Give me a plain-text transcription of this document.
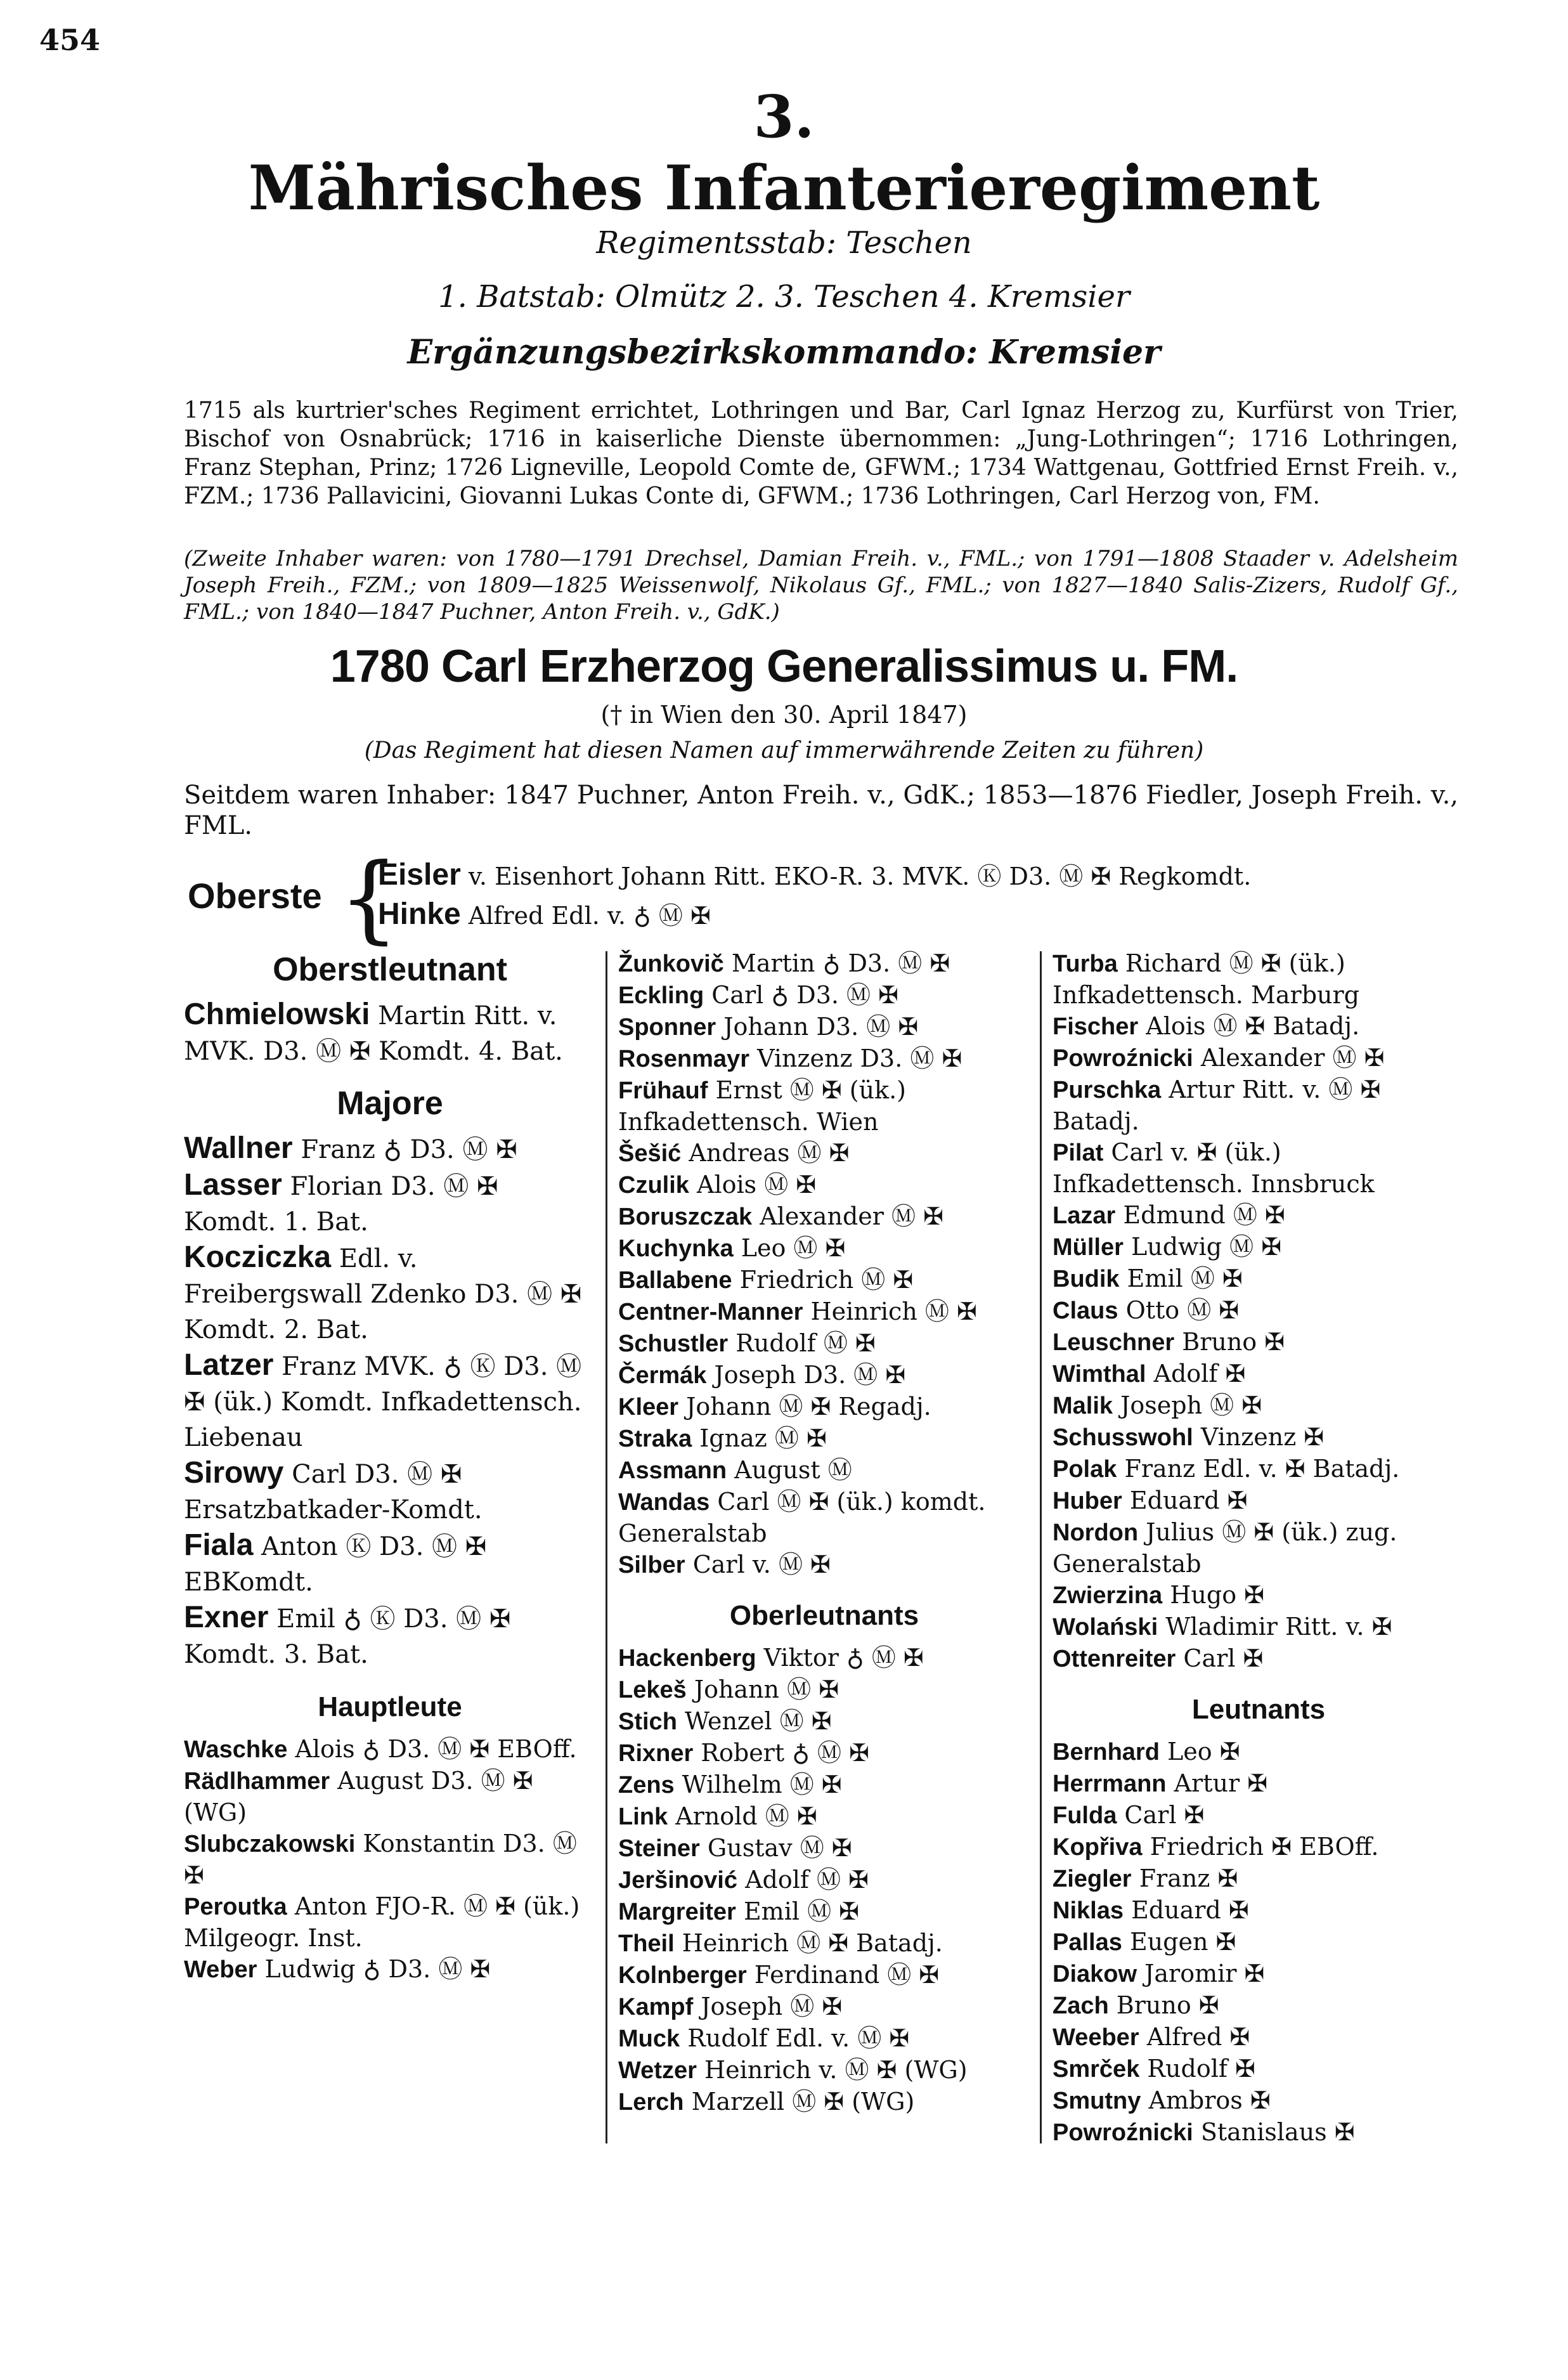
454
3.
Mährisches Infanterieregiment
Regimentsstab: Teschen
1. Batstab: Olmütz 2. 3. Teschen 4. Kremsier
Ergänzungsbezirkskommando: Kremsier
1715 als kurtrier'sches Regiment errichtet, Lothringen und Bar, Carl Ignaz Herzog zu, Kurfürst von Trier, Bischof von Osnabrück; 1716 in kaiserliche Dienste übernommen: „Jung-Lothringen“; 1716 Lothringen, Franz Stephan, Prinz; 1726 Ligneville, Leopold Comte de, GFWM.; 1734 Wattgenau, Gottfried Ernst Freih. v., FZM.; 1736 Pallavicini, Giovanni Lukas Conte di, GFWM.; 1736 Lothringen, Carl Herzog von, FM.
(Zweite Inhaber waren: von 1780—1791 Drechsel, Damian Freih. v., FML.; von 1791—1808 Staader v. Adelsheim Joseph Freih., FZM.; von 1809—1825 Weissenwolf, Nikolaus Gf., FML.; von 1827—1840 Salis-Zizers, Rudolf Gf., FML.; von 1840—1847 Puchner, Anton Freih. v., GdK.)
1780 Carl Erzherzog Generalissimus u. FM.
(† in Wien den 30. April 1847)
(Das Regiment hat diesen Namen auf immerwährende Zeiten zu führen)
Seitdem waren Inhaber: 1847 Puchner, Anton Freih. v., GdK.; 1853—1876 Fiedler, Joseph Freih. v., FML.
Oberste {
Eisler v. Eisenhort Johann Ritt. EKO-R. 3. MVK. Ⓚ D3. Ⓜ ✠ Regkomdt.
Hinke Alfred Edl. v. ♁ Ⓜ ✠
Oberstleutnant

Chmielowski Martin Ritt. v. MVK. D3. Ⓜ ✠ Komdt. 4. Bat.

Majore

Wallner Franz ♁ D3. Ⓜ ✠

Lasser Florian D3. Ⓜ ✠ Komdt. 1. Bat.

Kocziczka Edl. v. Freibergswall Zdenko D3. Ⓜ ✠ Komdt. 2. Bat.

Latzer Franz MVK. ♁ Ⓚ D3. Ⓜ ✠ (ük.) Komdt. Infkadettensch. Liebenau

Sirowy Carl D3. Ⓜ ✠ Ersatzbatkader-Komdt.

Fiala Anton Ⓚ D3. Ⓜ ✠ EBKomdt.

Exner Emil ♁ Ⓚ D3. Ⓜ ✠ Komdt. 3. Bat.

Hauptleute

Waschke Alois ♁ D3. Ⓜ ✠ EBOff.

Rädlhammer August D3. Ⓜ ✠ (WG)

Slubczakowski Konstantin D3. Ⓜ ✠

Peroutka Anton FJO-R. Ⓜ ✠ (ük.) Milgeogr. Inst.

Weber Ludwig ♁ D3. Ⓜ ✠

Žunkovič Martin ♁ D3. Ⓜ ✠

Eckling Carl ♁ D3. Ⓜ ✠

Sponner Johann D3. Ⓜ ✠

Rosenmayr Vinzenz D3. Ⓜ ✠

Frühauf Ernst Ⓜ ✠ (ük.) Infkadettensch. Wien

Šešić Andreas Ⓜ ✠

Czulik Alois Ⓜ ✠

Boruszczak Alexander Ⓜ ✠

Kuchynka Leo Ⓜ ✠

Ballabene Friedrich Ⓜ ✠

Centner-Manner Heinrich Ⓜ ✠

Schustler Rudolf Ⓜ ✠

Čermák Joseph D3. Ⓜ ✠

Kleer Johann Ⓜ ✠ Regadj.

Straka Ignaz Ⓜ ✠

Assmann August Ⓜ

Wandas Carl Ⓜ ✠ (ük.) komdt. Generalstab

Silber Carl v. Ⓜ ✠

Oberleutnants

Hackenberg Viktor ♁ Ⓜ ✠

Lekeš Johann Ⓜ ✠

Stich Wenzel Ⓜ ✠

Rixner Robert ♁ Ⓜ ✠

Zens Wilhelm Ⓜ ✠

Link Arnold Ⓜ ✠

Steiner Gustav Ⓜ ✠

Jeršinović Adolf Ⓜ ✠

Margreiter Emil Ⓜ ✠

Theil Heinrich Ⓜ ✠ Batadj.

Kolnberger Ferdinand Ⓜ ✠

Kampf Joseph Ⓜ ✠

Muck Rudolf Edl. v. Ⓜ ✠

Wetzer Heinrich v. Ⓜ ✠ (WG)

Lerch Marzell Ⓜ ✠ (WG)

Turba Richard Ⓜ ✠ (ük.) Infkadettensch. Marburg

Fischer Alois Ⓜ ✠ Batadj.

Powroźnicki Alexander Ⓜ ✠

Purschka Artur Ritt. v. Ⓜ ✠ Batadj.

Pilat Carl v. ✠ (ük.) Infkadettensch. Innsbruck

Lazar Edmund Ⓜ ✠

Müller Ludwig Ⓜ ✠

Budik Emil Ⓜ ✠

Claus Otto Ⓜ ✠

Leuschner Bruno ✠

Wimthal Adolf ✠

Malik Joseph Ⓜ ✠

Schusswohl Vinzenz ✠

Polak Franz Edl. v. ✠ Batadj.

Huber Eduard ✠

Nordon Julius Ⓜ ✠ (ük.) zug. Generalstab

Zwierzina Hugo ✠

Wolański Wladimir Ritt. v. ✠

Ottenreiter Carl ✠

Leutnants

Bernhard Leo ✠

Herrmann Artur ✠

Fulda Carl ✠

Kopřiva Friedrich ✠ EBOff.

Ziegler Franz ✠

Niklas Eduard ✠

Pallas Eugen ✠

Diakow Jaromir ✠

Zach Bruno ✠

Weeber Alfred ✠

Smrček Rudolf ✠

Smutny Ambros ✠

Powroźnicki Stanislaus ✠
